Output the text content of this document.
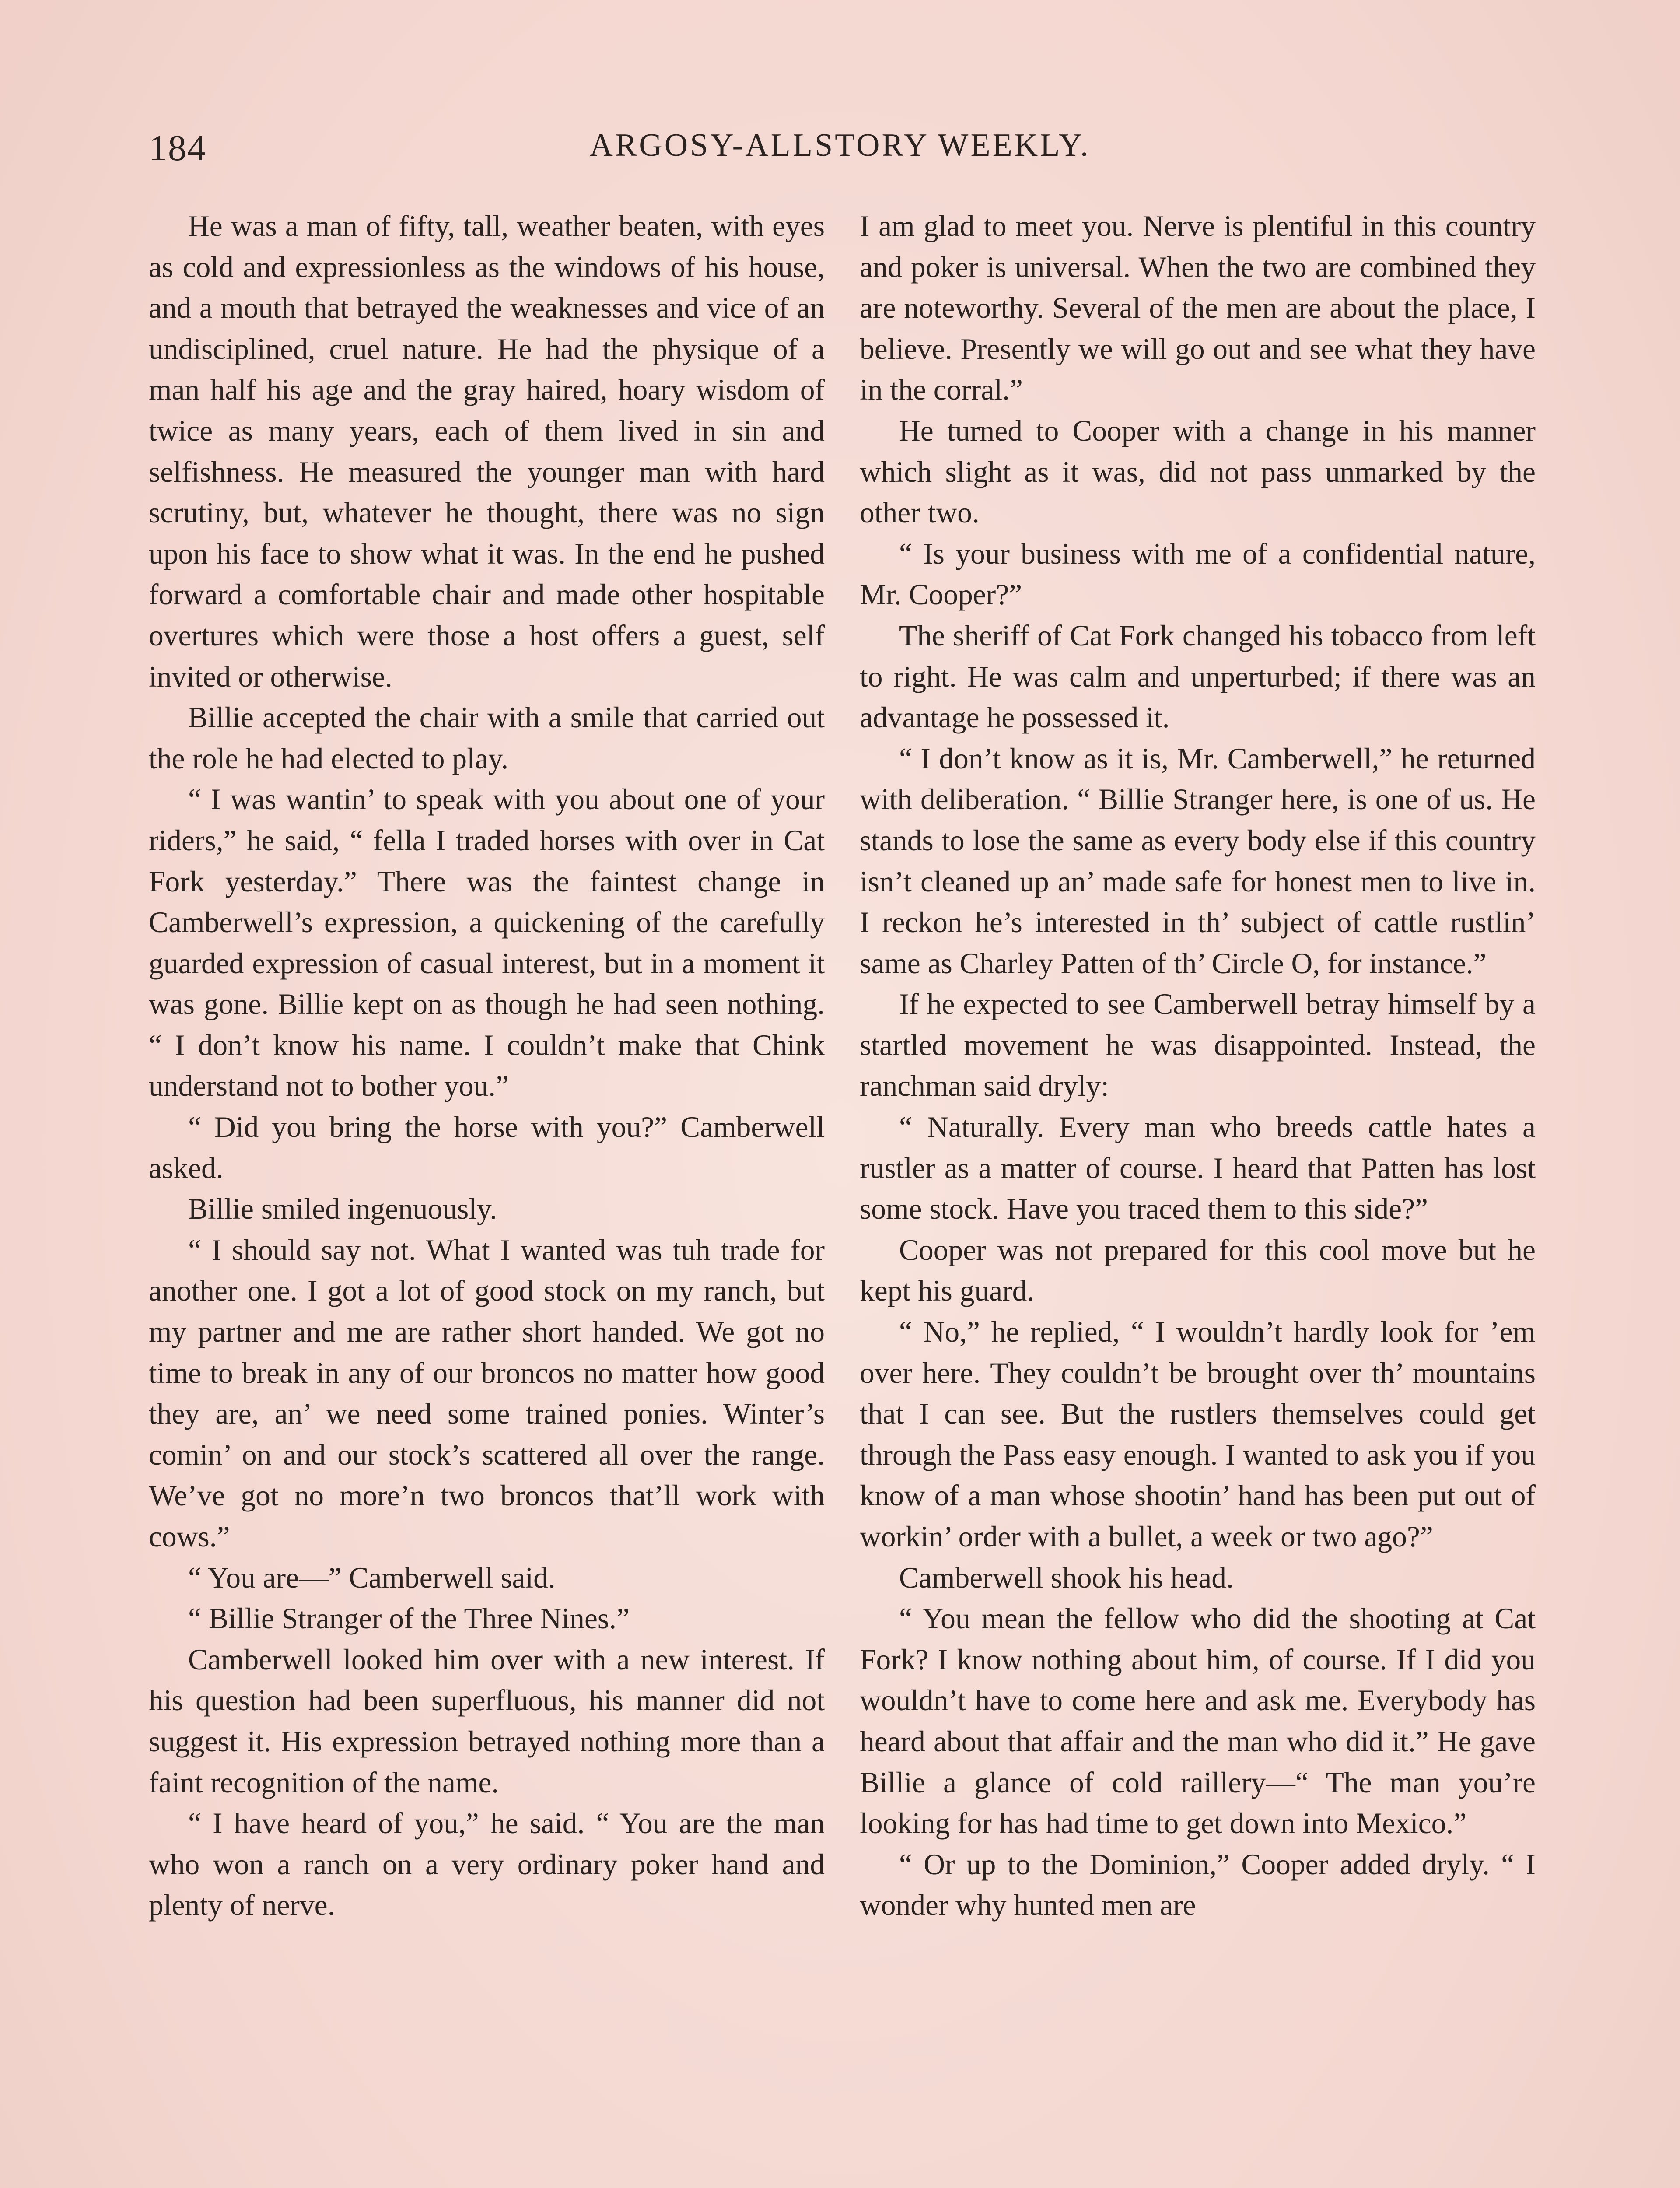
184	ARGOSY-ALLSTORY WEEKLY.

He was a man of fifty, tall, weather beaten, with eyes as cold and expressionless as the windows of his house, and a mouth that betrayed the weaknesses and vice of an undisciplined, cruel nature. He had the physique of a man half his age and the gray haired, hoary wisdom of twice as many years, each of them lived in sin and selfishness. He measured the younger man with hard scrutiny, but, whatever he thought, there was no sign upon his face to show what it was. In the end he pushed forward a comfortable chair and made other hospitable overtures which were those a host offers a guest, self invited or otherwise.

Billie accepted the chair with a smile that carried out the role he had elected to play.

“ I was wantin’ to speak with you about one of your riders,” he said, “ fella I traded horses with over in Cat Fork yesterday.” There was the faintest change in Camberwell’s expression, a quickening of the carefully guarded expression of casual interest, but in a moment it was gone. Billie kept on as though he had seen nothing. “ I don’t know his name. I couldn’t make that Chink understand not to bother you.”

“ Did you bring the horse with you?” Camberwell asked.

Billie smiled ingenuously.

“ I should say not. What I wanted was tuh trade for another one. I got a lot of good stock on my ranch, but my partner and me are rather short handed. We got no time to break in any of our broncos no matter how good they are, an’ we need some trained ponies. Winter’s comin’ on and our stock’s scattered all over the range. We’ve got no more’n two broncos that’ll work with cows.”

“ You are—” Camberwell said.

“ Billie Stranger of the Three Nines.”

Camberwell looked him over with a new interest. If his question had been superfluous, his manner did not suggest it. His expression betrayed nothing more than a faint recognition of the name.

“ I have heard of you,” he said. “ You are the man who won a ranch on a very ordinary poker hand and plenty of nerve.

I am glad to meet you. Nerve is plentiful in this country and poker is universal. When the two are combined they are noteworthy. Several of the men are about the place, I believe. Presently we will go out and see what they have in the corral.”

He turned to Cooper with a change in his manner which slight as it was, did not pass unmarked by the other two.

“ Is your business with me of a confidential nature, Mr. Cooper?”

The sheriff of Cat Fork changed his tobacco from left to right. He was calm and unperturbed; if there was an advantage he possessed it.

“ I don’t know as it is, Mr. Camberwell,” he returned with deliberation. “ Billie Stranger here, is one of us. He stands to lose the same as every body else if this country isn’t cleaned up an’ made safe for honest men to live in. I reckon he’s interested in th’ subject of cattle rustlin’ same as Charley Patten of th’ Circle O, for instance.”

If he expected to see Camberwell betray himself by a startled movement he was disappointed. Instead, the ranchman said dryly:

“ Naturally. Every man who breeds cattle hates a rustler as a matter of course. I heard that Patten has lost some stock. Have you traced them to this side?”

Cooper was not prepared for this cool move but he kept his guard.

“ No,” he replied, “ I wouldn’t hardly look for ’em over here. They couldn’t be brought over th’ mountains that I can see. But the rustlers themselves could get through the Pass easy enough. I wanted to ask you if you know of a man whose shootin’ hand has been put out of workin’ order with a bullet, a week or two ago?”

Camberwell shook his head.

“ You mean the fellow who did the shooting at Cat Fork? I know nothing about him, of course. If I did you wouldn’t have to come here and ask me. Everybody has heard about that affair and the man who did it.” He gave Billie a glance of cold raillery—“ The man you’re looking for has had time to get down into Mexico.”

“ Or up to the Dominion,” Cooper added dryly. “ I wonder why hunted men are
